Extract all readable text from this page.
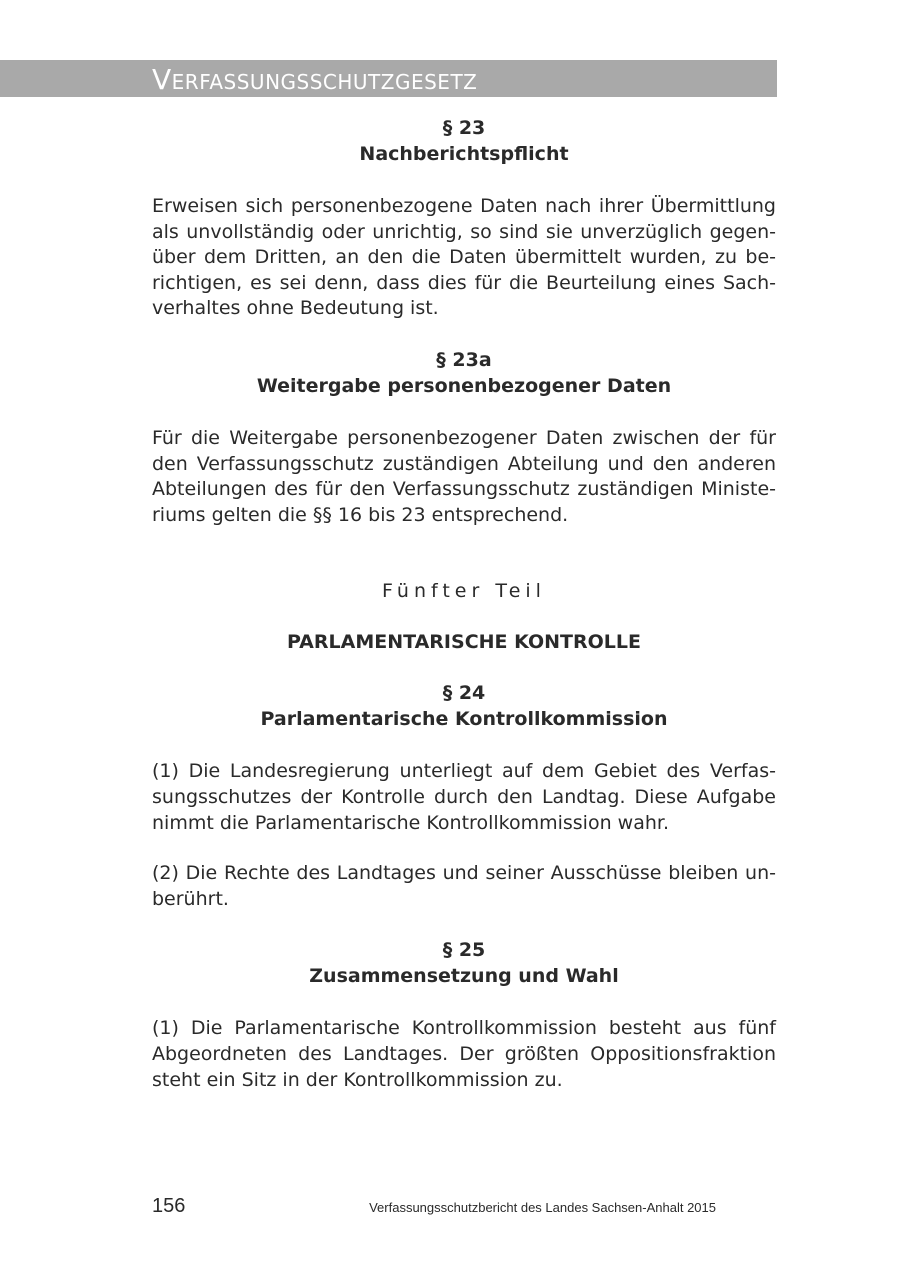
Verfassungsschutzgesetz

§ 23

Nachberichtspflicht

Erweisen sich personenbezogene Daten nach ihrer Übermittlung als unvollständig oder unrichtig, so sind sie unverzüglich gegenüber dem Dritten, an den die Daten übermittelt wurden, zu berichtigen, es sei denn, dass dies für die Beurteilung eines Sachverhaltes ohne Bedeutung ist.

§ 23a

Weitergabe personenbezogener Daten

Für die Weitergabe personenbezogener Daten zwischen der für den Verfassungsschutz zuständigen Abteilung und den anderen Abteilungen des für den Verfassungsschutz zuständigen Ministeriums gelten die §§ 16 bis 23 entsprechend.

Fünfter Teil

PARLAMENTARISCHE KONTROLLE

§ 24

Parlamentarische Kontrollkommission

(1) Die Landesregierung unterliegt auf dem Gebiet des Verfassungsschutzes der Kontrolle durch den Landtag. Diese Aufgabe nimmt die Parlamentarische Kontrollkommission wahr.

(2) Die Rechte des Landtages und seiner Ausschüsse bleiben unberührt.

§ 25

Zusammensetzung und Wahl

(1) Die Parlamentarische Kontrollkommission besteht aus fünf Abgeordneten des Landtages. Der größten Oppositionsfraktion steht ein Sitz in der Kontrollkommission zu.

156	Verfassungsschutzbericht des Landes Sachsen-Anhalt 2015
